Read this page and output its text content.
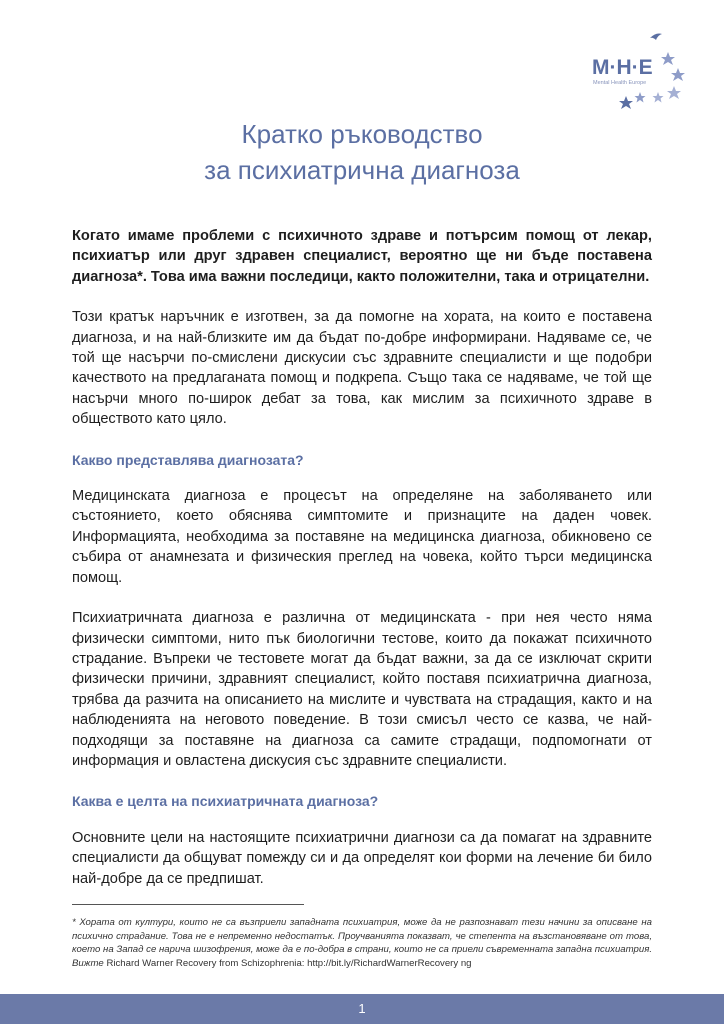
M·H·E
Mental Health Europe
Кратко ръководство
за психиатрична диагноза

Когато имаме проблеми с психичното здраве и потърсим помощ от лекар, психиатър или друг здравен специалист, вероятно ще ни бъде поставена диагноза*. Това има важни последици, както положителни, така и отрицателни.

Този кратък наръчник е изготвен, за да помогне на хората, на които е поставена диагноза, и на най-близките им да бъдат по-добре информирани. Надяваме се, че той ще насърчи по-смислени дискусии със здравните специалисти и ще подобри качеството на предлаганата помощ и подкрепа. Също така се надяваме, че той ще насърчи много по-широк дебат за това, как мислим за психичното здраве в обществото като цяло.

Какво представлява диагнозата?

Медицинската диагноза е процесът на определяне на заболяването или състоянието, което обяснява симптомите и признаците на даден човек. Информацията, необходима за поставяне на медицинска диагноза, обикновено се събира от анамнезата и физическия преглед на човека, който търси медицинска помощ.

Психиатричната диагноза е различна от медицинската - при нея често няма физически симптоми, нито пък биологични тестове, които да покажат психичното страдание. Въпреки че тестовете могат да бъдат важни, за да се изключат скрити физически причини, здравният специалист, който поставя психиатрична диагноза, трябва да разчита на описанието на мислите и чувствата на страдащия, както и на наблюденията на неговото поведение. В този смисъл често се казва, че най-подходящи за поставяне на диагноза са самите страдащи, подпомогнати от информация и овластена дискусия със здравните специалисти.

Каква е целта на психиатричната диагноза?

Основните цели на настоящите психиатрични диагнози са да помагат на здравните специалисти да общуват помежду си и да определят кои форми на лечение би било най-добре да се предпишат.

* Хората от култури, които не са възприели западната психиатрия, може да не разпознават тези начини за описване на психично страдание. Това не е непременно недостатък. Проучванията показват, че степента на възстановяване от това, което на Запад се нарича шизофрения, може да е по-добра в страни, които не са приели съвременната западна психиатрия. Вижте Richard Warner Recovery from Schizophrenia: http://bit.ly/RichardWarnerRecovery ng
1
